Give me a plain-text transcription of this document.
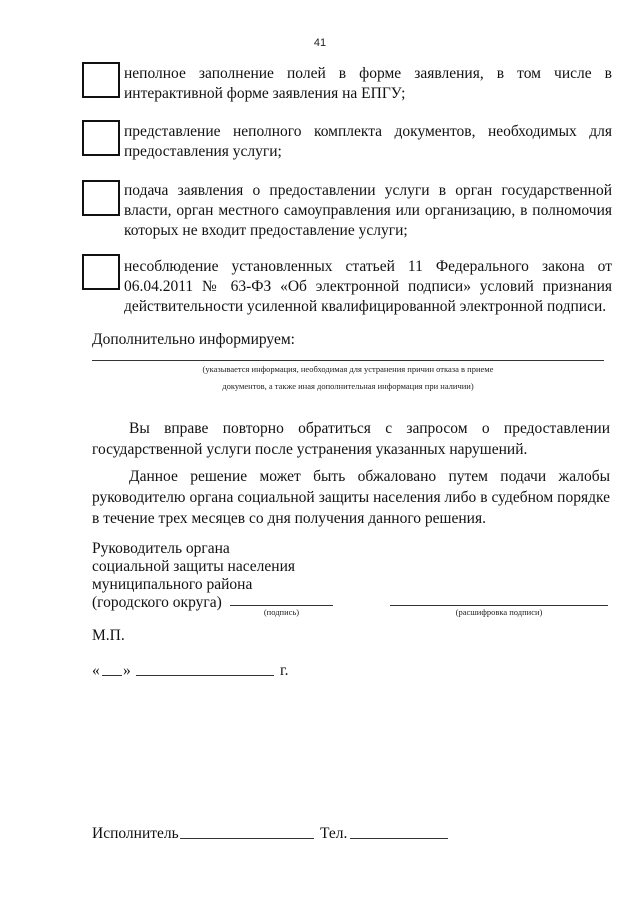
41
неполное заполнение полей в форме заявления, в том числе в интерактивной форме заявления на ЕПГУ;
представление неполного комплекта документов, необходимых для предоставления услуги;
подача заявления о предоставлении услуги в орган государственной власти, орган местного самоуправления или организацию, в полномочия которых не входит предоставление услуги;
несоблюдение установленных статьей 11 Федерального закона от 06.04.2011 № 63-ФЗ «Об электронной подписи» условий признания действительности усиленной квалифицированной электронной подписи.
Дополнительно информируем:
(указывается информация, необходимая для устранения причин отказа в приеме
документов, а также иная дополнительная информация при наличии)
Вы вправе повторно обратиться с запросом о предоставлении государственной услуги после устранения указанных нарушений.
Данное решение может быть обжаловано путем подачи жалобы руководителю органа социальной защиты населения либо в судебном порядке в течение трех месяцев со дня получения данного решения.
Руководитель органа
социальной защиты населения
муниципального района
(городского округа)
(подпись)	(расшифровка подписи)
М.П.
« »	г.
Исполнитель	Тел.
